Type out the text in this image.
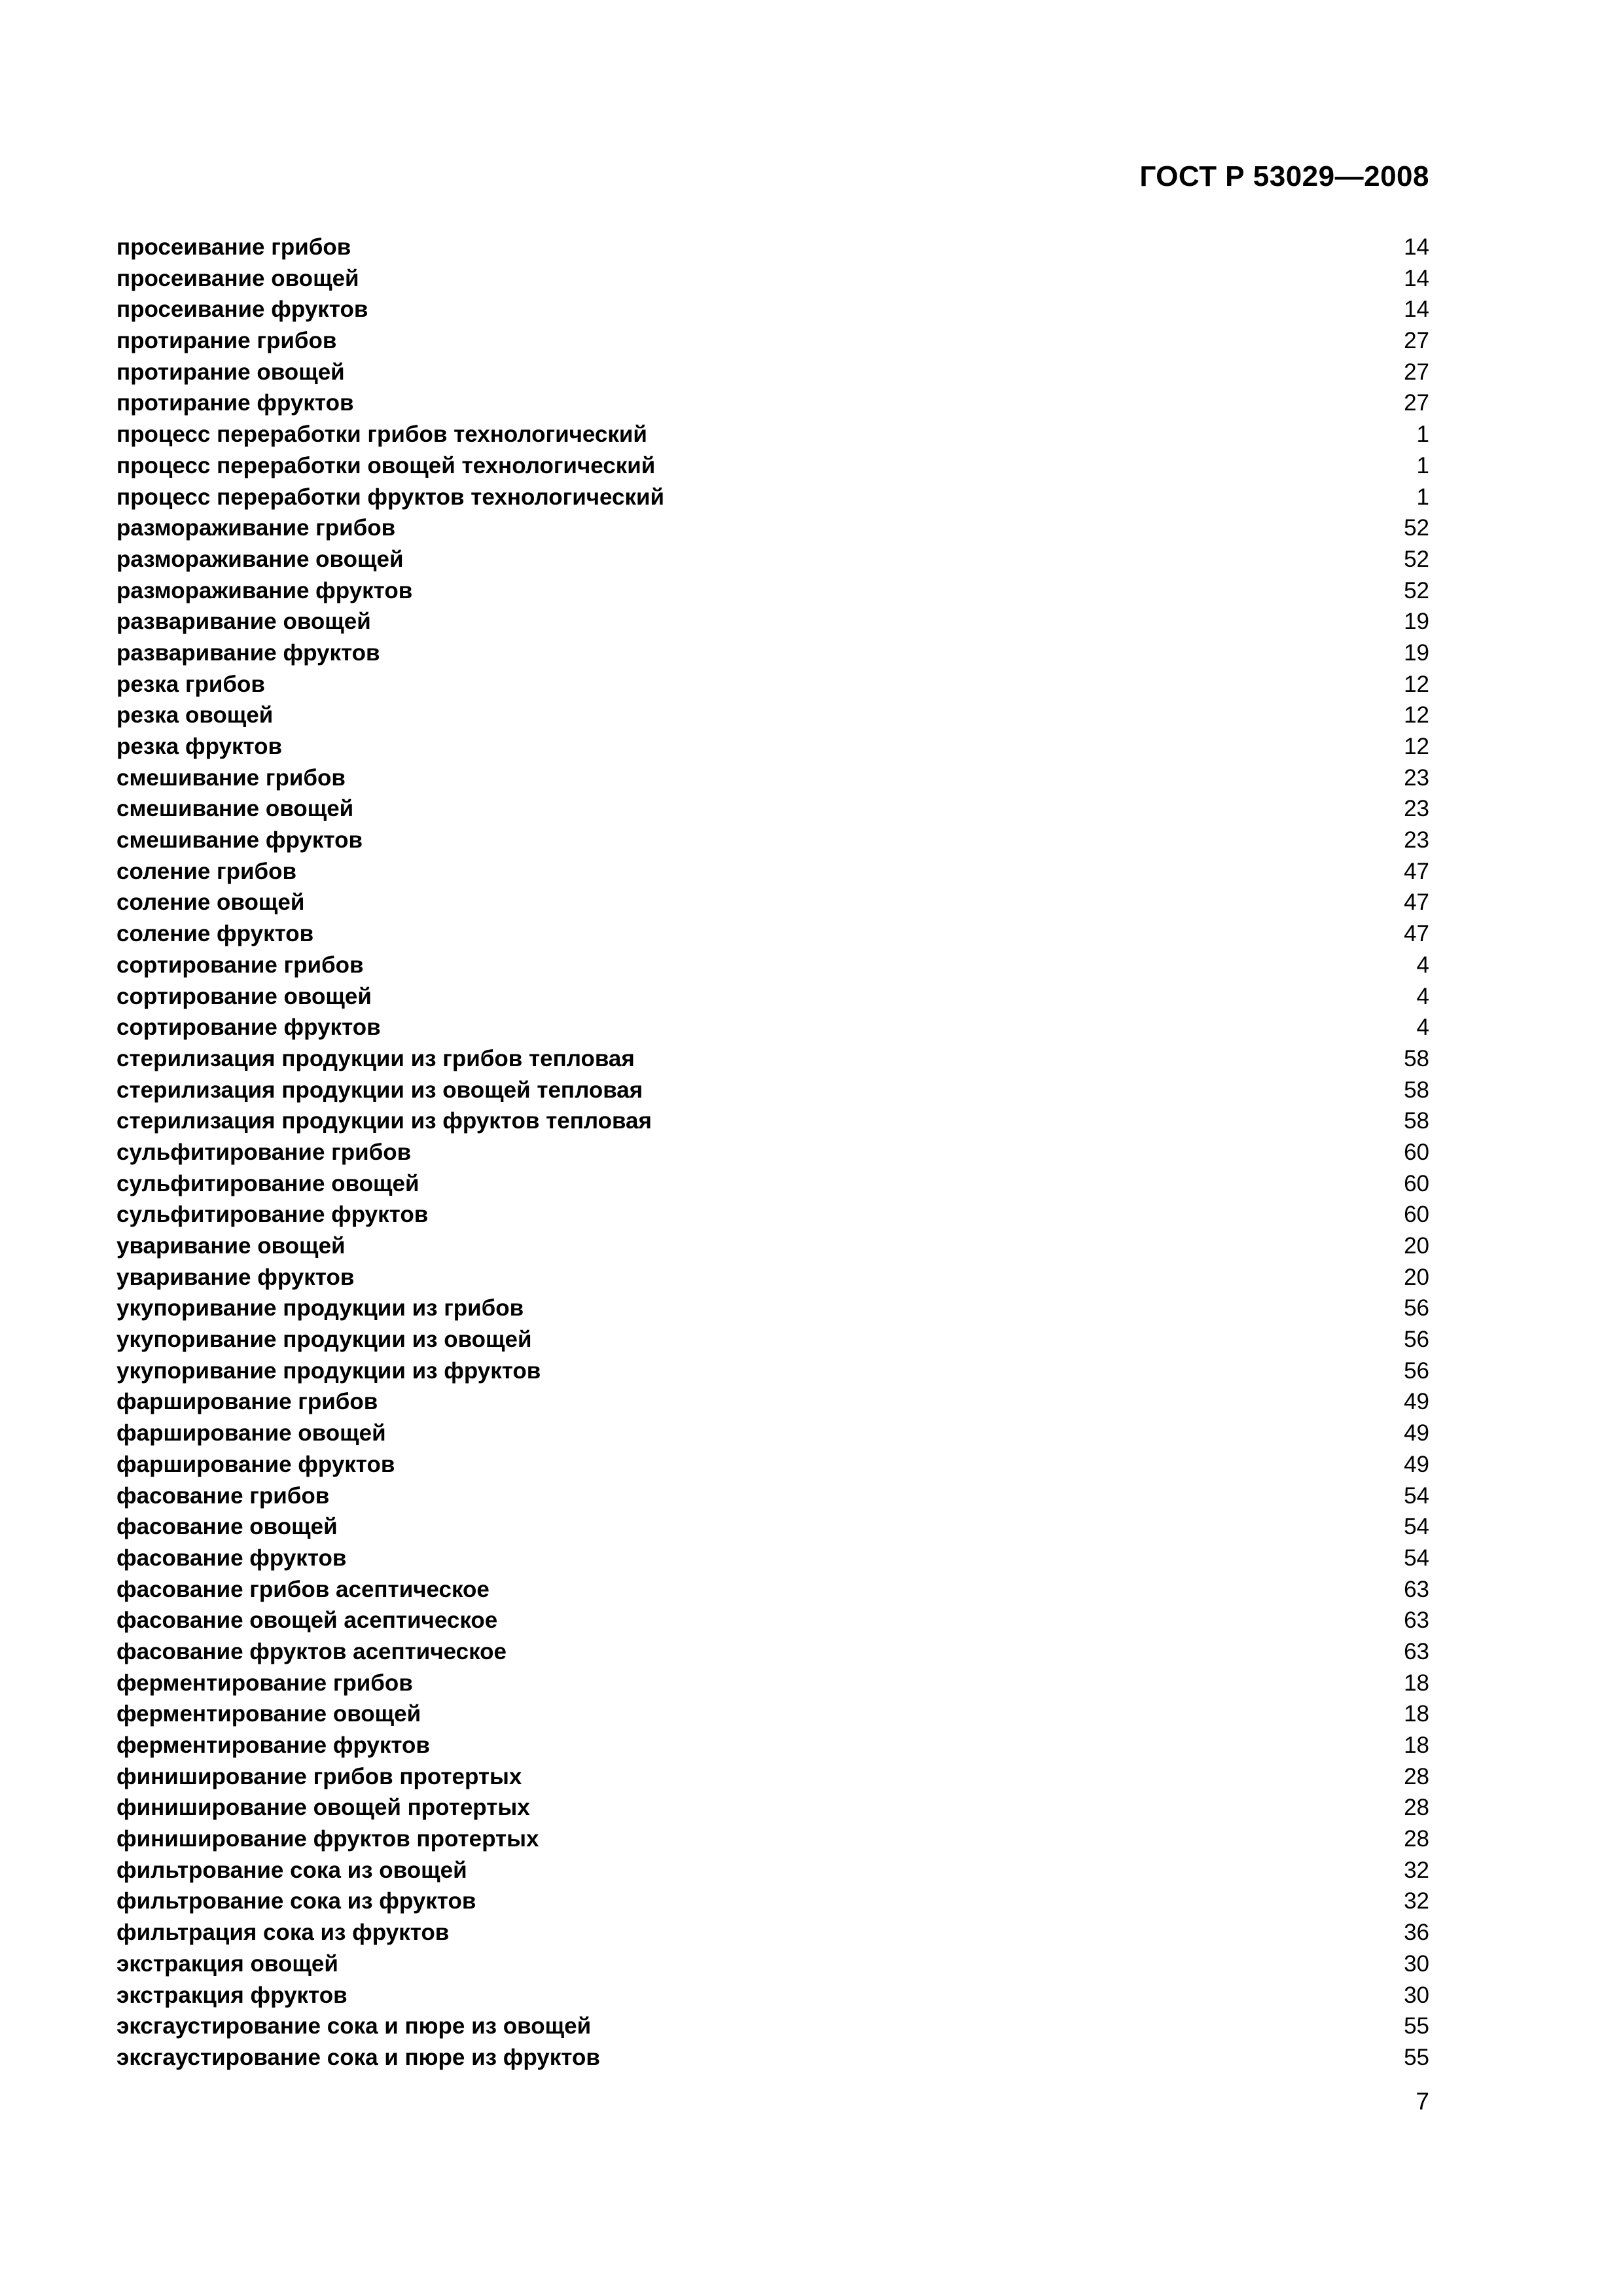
ГОСТ Р 53029—2008
просеивание грибов	14
просеивание овощей	14
просеивание фруктов	14
протирание грибов	27
протирание овощей	27
протирание фруктов	27
процесс переработки грибов технологический	1
процесс переработки овощей технологический	1
процесс переработки фруктов технологический	1
размораживание грибов	52
размораживание овощей	52
размораживание фруктов	52
разваривание овощей	19
разваривание фруктов	19
резка грибов	12
резка овощей	12
резка фруктов	12
смешивание грибов	23
смешивание овощей	23
смешивание фруктов	23
соление грибов	47
соление овощей	47
соление фруктов	47
сортирование грибов	4
сортирование овощей	4
сортирование фруктов	4
стерилизация продукции из грибов тепловая	58
стерилизация продукции из овощей тепловая	58
стерилизация продукции из фруктов тепловая	58
сульфитирование грибов	60
сульфитирование овощей	60
сульфитирование фруктов	60
уваривание овощей	20
уваривание фруктов	20
укупоривание продукции из грибов	56
укупоривание продукции из овощей	56
укупоривание продукции из фруктов	56
фарширование грибов	49
фарширование овощей	49
фарширование фруктов	49
фасование грибов	54
фасование овощей	54
фасование фруктов	54
фасование грибов асептическое	63
фасование овощей асептическое	63
фасование фруктов асептическое	63
ферментирование грибов	18
ферментирование овощей	18
ферментирование фруктов	18
финиширование грибов протертых	28
финиширование овощей протертых	28
финиширование фруктов протертых	28
фильтрование сока из овощей	32
фильтрование сока из фруктов	32
фильтрация сока из фруктов	36
экстракция овощей	30
экстракция фруктов	30
эксгаустирование сока и пюре из овощей	55
эксгаустирование сока и пюре из фруктов	55
7
